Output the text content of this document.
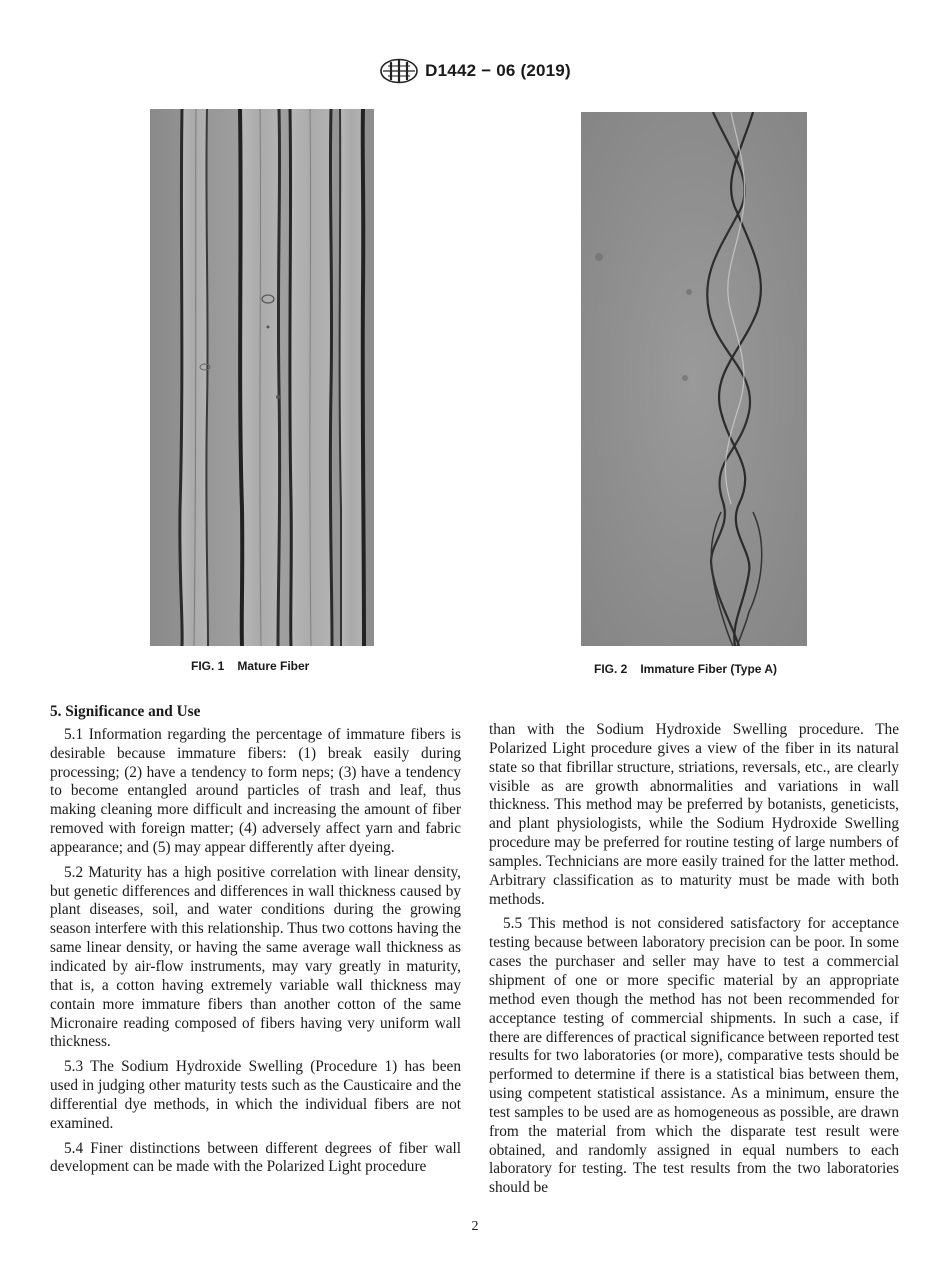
D1442 − 06 (2019)
FIG. 1 Mature Fiber	FIG. 2 Immature Fiber (Type A)
5. Significance and Use

5.1 Information regarding the percentage of immature fibers is desirable because immature fibers: (1) break easily during processing; (2) have a tendency to form neps; (3) have a tendency to become entangled around particles of trash and leaf, thus making cleaning more difficult and increasing the amount of fiber removed with foreign matter; (4) adversely affect yarn and fabric appearance; and (5) may appear differently after dyeing.

5.2 Maturity has a high positive correlation with linear density, but genetic differences and differences in wall thickness caused by plant diseases, soil, and water conditions during the growing season interfere with this relationship. Thus two cottons having the same linear density, or having the same average wall thickness as indicated by air-flow instruments, may vary greatly in maturity, that is, a cotton having extremely variable wall thickness may contain more immature fibers than another cotton of the same Micronaire reading composed of fibers having very uniform wall thickness.

5.3 The Sodium Hydroxide Swelling (Procedure 1) has been used in judging other maturity tests such as the Causticaire and the differential dye methods, in which the individual fibers are not examined.

5.4 Finer distinctions between different degrees of fiber wall development can be made with the Polarized Light procedure

than with the Sodium Hydroxide Swelling procedure. The Polarized Light procedure gives a view of the fiber in its natural state so that fibrillar structure, striations, reversals, etc., are clearly visible as are growth abnormalities and variations in wall thickness. This method may be preferred by botanists, geneticists, and plant physiologists, while the Sodium Hydroxide Swelling procedure may be preferred for routine testing of large numbers of samples. Technicians are more easily trained for the latter method. Arbitrary classification as to maturity must be made with both methods.

5.5 This method is not considered satisfactory for acceptance testing because between laboratory precision can be poor. In some cases the purchaser and seller may have to test a commercial shipment of one or more specific material by an appropriate method even though the method has not been recommended for acceptance testing of commercial shipments. In such a case, if there are differences of practical significance between reported test results for two laboratories (or more), comparative tests should be performed to determine if there is a statistical bias between them, using competent statistical assistance. As a minimum, ensure the test samples to be used are as homogeneous as possible, are drawn from the material from which the disparate test result were obtained, and randomly assigned in equal numbers to each laboratory for testing. The test results from the two laboratories should be

2
